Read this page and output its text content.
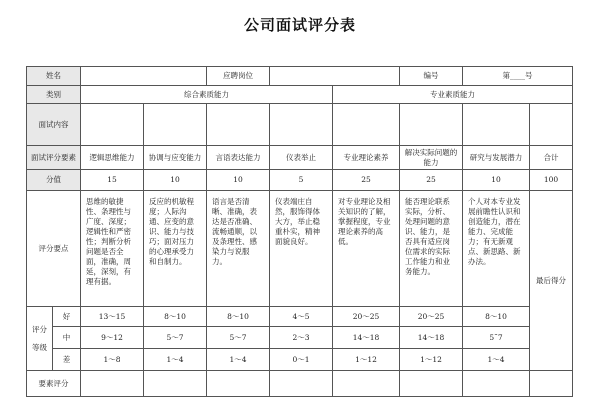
公司面试评分表
姓名				应聘岗位			编号	第____号	
类别		综合素质能力				专业素质能力			
面试内容									
面试评分要素		逻辑思维能力	协调与应变能力	言语表达能力	仪表举止	专业理论素养	解决实际问题的能力	研究与发展潜力	合计
分值		15	10	10	5	25	25	10	100
评分要点		思维的敏捷性、条理性与广度、深度；逻辑性和严密性；判断分析问题是否全面，准确，周延，深刻，有理有据。	反应的机敏程度；人际沟通、应变的意识、能力与技巧；面对压力的心理承受力和自制力。	语言是否清晰、准确，表达是否准确、流畅通顺，以及条理性、感染力与说服力。	仪表端庄自然，服饰得体大方，举止稳重朴实，精神面貌良好。	对专业理论及相关知识的了解，掌握程度，专业理论素养的高低。	能否理论联系实际，分析、处理问题的意识、能力，是否具有适应岗位需求的实际工作能力和业务能力。	个人对本专业发展前瞻性认识和创造能力，潜在能力、完成能力；有无新观点、新思路、新办法。	最后得分

评分
等级	好	13～15	8～10	8～10	4～5	20～25	20～25	8～10	
	中	9～12	5～7	5～7	2～3	14～18	14～18	5˜7	
	差	1～8	1～4	1～4	0～1	1～12	1～12	1～4	
要素评分									
